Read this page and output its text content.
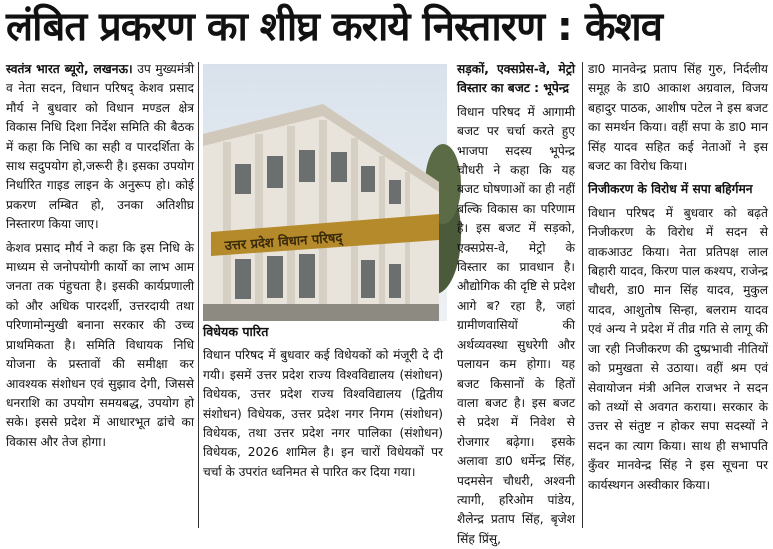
लंबित प्रकरण का शीघ्र कराये निस्तारण : केशव

स्वतंत्र भारत ब्यूरो, लखनऊ। उप मुख्यमंत्री व नेता सदन, विधान परिषद् केशव प्रसाद मौर्य ने बुधवार को विधान मण्डल क्षेत्र विकास निधि दिशा निर्देश समिति की बैठक में कहा कि निधि का सही व पारदर्शिता के साथ सदुपयोग हो,जरूरी है। इसका उपयोग निर्धारित गाइड लाइन के अनुरूप हो। कोई प्रकरण लम्बित हो, उनका अतिशीघ्र निस्तारण किया जाए।

केशव प्रसाद मौर्य ने कहा कि इस निधि के माध्यम से जनोपयोगी कार्यो का लाभ आम जनता तक पंहुचता है। इसकी कार्यप्रणाली को और अधिक पारदर्शी, उत्तरदायी तथा परिणामोन्मुखी बनाना सरकार की उच्च प्राथमिकता है। समिति विधायक निधि योजना के प्रस्तावों की समीक्षा कर आवश्यक संशोधन एवं सुझाव देगी, जिससे धनराशि का उपयोग समयबद्ध, उपयोग हो सके। इससे प्रदेश में आधारभूत ढांचे का विकास और तेज होगा।

उत्तर प्रदेश विधान परिषद्

विधेयक पारित

विधान परिषद में बुधवार कई विधेयकों को मंजूरी दे दी गयी। इसमें उत्तर प्रदेश राज्य विश्वविद्यालय (संशोधन) विधेयक, उत्तर प्रदेश राज्य विश्वविद्यालय (द्वितीय संशोधन) विधेयक, उत्तर प्रदेश नगर निगम (संशोधन) विधेयक, तथा उत्तर प्रदेश नगर पालिका (संशोधन) विधेयक, 2026 शामिल है। इन चारों विधेयकों पर चर्चा के उपरांत ध्वनिमत से पारित कर दिया गया।

सड़कों, एक्सप्रेस-वे, मेट्रो विस्तार का बजट : भूपेन्द्र

विधान परिषद में आगामी बजट पर चर्चा करते हुए भाजपा सदस्य भूपेन्द्र चौधरी ने कहा कि यह बजट घोषणाओं का ही नहीं बल्कि विकास का परिणाम है। इस बजट में सड़को, एक्सप्रेस-वे, मेट्रो के विस्तार का प्रावधान है। औद्योगिक की दृष्टि से प्रदेश आगे ब? रहा है, जहां ग्रामीणवासियों की अर्थव्यवस्था सुधरेगी और पलायन कम होगा। यह बजट किसानों के हितों वाला बजट है। इस बजट से प्रदेश में निवेश से रोजगार बढ़ेगा। इसके अलावा डा0 धर्मेन्द्र सिंह, पदमसेन चौधरी, अश्वनी त्यागी, हरिओम पांडेय, शैलेन्द्र प्रताप सिंह, बृजेश सिंह प्रिंसु,

डा0 मानवेन्द्र प्रताप सिंह गुरु, निर्दलीय समूह के डा0 आकाश अग्रवाल, विजय बहादुर पाठक, आशीष पटेल ने इस बजट का समर्थन किया। वहीं सपा के डा0 मान सिंह यादव सहित कई नेताओं ने इस बजट का विरोध किया।

निजीकरण के विरोध में सपा बहिर्गमन

विधान परिषद में बुधवार को बढ़ते निजीकरण के विरोध में सदन से वाकआउट किया। नेता प्रतिपक्ष लाल बिहारी यादव, किरण पाल कश्यप, राजेन्द्र चौधरी, डा0 मान सिंह यादव, मुकुल यादव, आशुतोष सिन्हा, बलराम यादव एवं अन्य ने प्रदेश में तीव्र गति से लागू की जा रही निजीकरण की दुष्प्रभावी नीतियों को प्रमुखता से उठाया। वहीं श्रम एवं सेवायोजन मंत्री अनिल राजभर ने सदन को तथ्यों से अवगत कराया। सरकार के उत्तर से संतुष्ट न होकर सपा सदस्यों ने सदन का त्याग किया। साथ ही सभापति कुँवर मानवेन्द्र सिंह ने इस सूचना पर कार्यस्थगन अस्वीकार किया।
